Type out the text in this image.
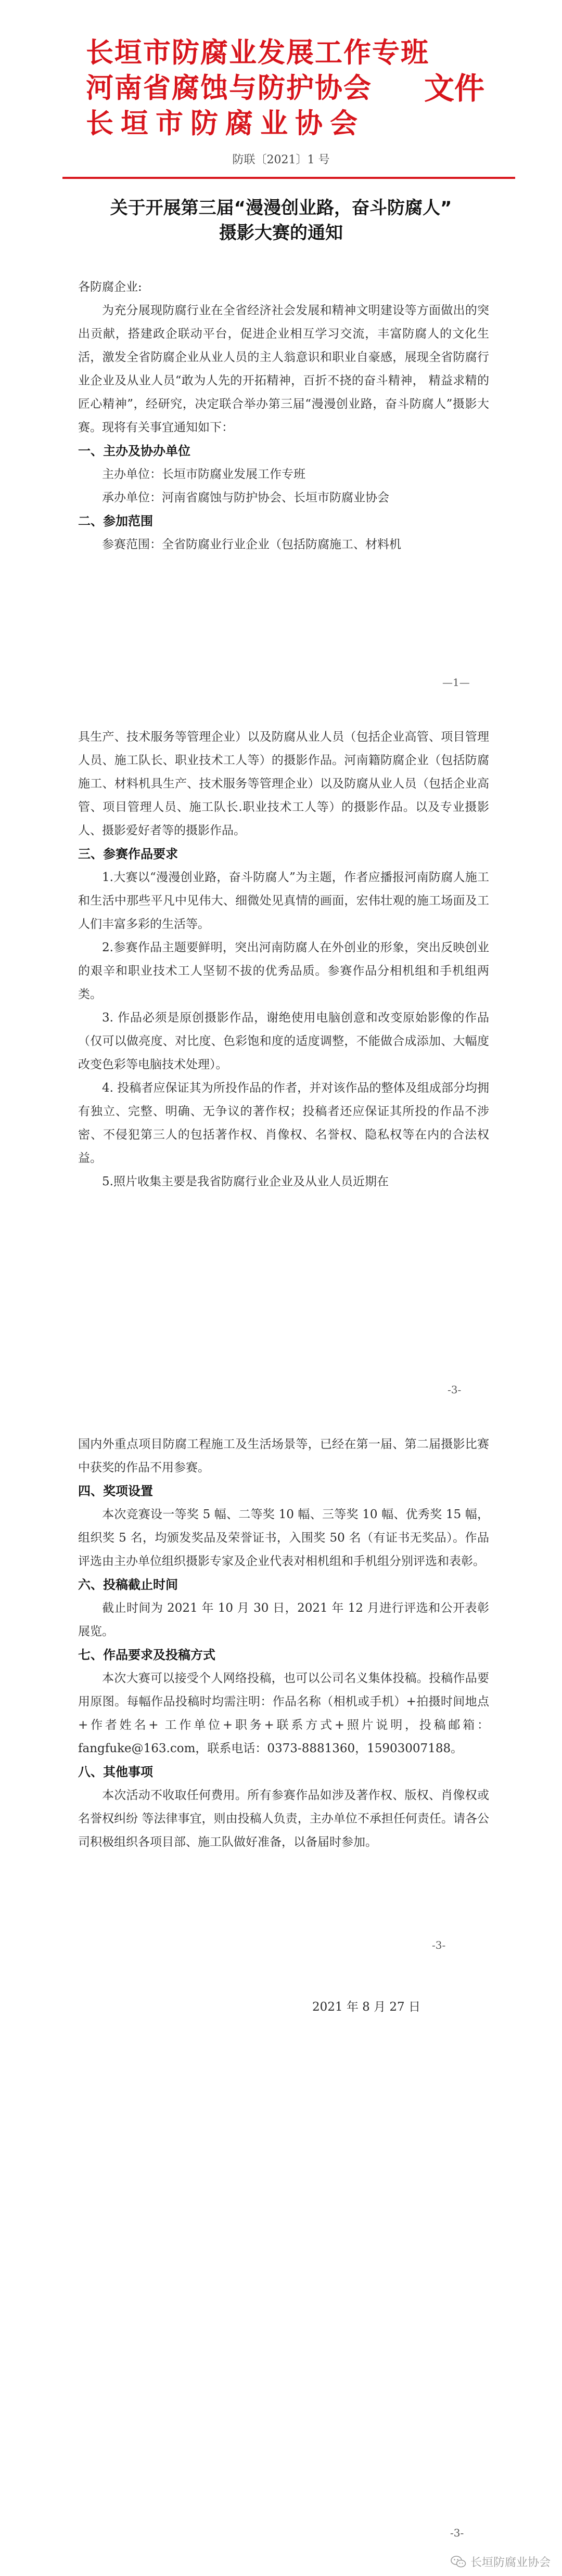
长垣市防腐业发展工作专班
河南省腐蚀与防护协会
长垣市防腐业协会
文件
防联〔2021〕1 号
关于开展第三届“漫漫创业路，奋斗防腐人”
摄影大赛的通知

各防腐企业:

为充分展现防腐行业在全省经济社会发展和精神文明建设等方面做出的突出贡献，搭建政企联动平台，促进企业相互学习交流，丰富防腐人的文化生活，激发全省防腐企业从业人员的主人翁意识和职业自豪感，展现全省防腐行业企业及从业人员“敢为人先的开拓精神，百折不挠的奋斗精神， 精益求精的匠心精神”，经研究，决定联合举办第三届“漫漫创业路，奋斗防腐人”摄影大赛。现将有关事宜通知如下：

一、主办及协办单位

主办单位：长垣市防腐业发展工作专班

承办单位：河南省腐蚀与防护协会、长垣市防腐业协会

二、参加范围

参赛范围：全省防腐业行业企业（包括防腐施工、材料机

—1—

具生产、技术服务等管理企业）以及防腐从业人员（包括企业高管、项目管理人员、施工队长、职业技术工人等）的摄影作品。河南籍防腐企业（包括防腐施工、材料机具生产、技术服务等管理企业）以及防腐从业人员（包括企业高管、项目管理人员、施工队长.职业技术工人等）的摄影作品。以及专业摄影人、摄影爱好者等的摄影作品。

三、参赛作品要求

1.大赛以“漫漫创业路，奋斗防腐人”为主题，作者应播报河南防腐人施工和生活中那些平凡中见伟大、细微处见真情的画面，宏伟壮观的施工场面及工人们丰富多彩的生活等。

2.参赛作品主题要鲜明，突出河南防腐人在外创业的形象，突出反映创业的艰辛和职业技术工人坚韧不拔的优秀品质。参赛作品分相机组和手机组两类。

3. 作品必须是原创摄影作品，谢绝使用电脑创意和改变原始影像的作品（仅可以做亮度、对比度、色彩饱和度的适度调整，不能做合成添加、大幅度改变色彩等电脑技术处理）。

4. 投稿者应保证其为所投作品的作者，并对该作品的整体及组成部分均拥有独立、完整、明确、无争议的著作权；投稿者还应保证其所投的作品不涉密、不侵犯第三人的包括著作权、肖像权、名誉权、隐私权等在内的合法权益。

5.照片收集主要是我省防腐行业企业及从业人员近期在

-3-

国内外重点项目防腐工程施工及生活场景等，已经在第一届、第二届摄影比赛中获奖的作品不用参赛。

四、奖项设置

本次竞赛设一等奖 5 幅、二等奖 10 幅、三等奖 10 幅、优秀奖 15 幅，组织奖 5 名，均颁发奖品及荣誉证书，入围奖 50 名（有证书无奖品）。作品评选由主办单位组织摄影专家及企业代表对相机组和手机组分别评选和表彰。

六、投稿截止时间

截止时间为 2021 年 10 月 30 日，2021 年 12 月进行评选和公开表彰展览。

七、作品要求及投稿方式

本次大赛可以接受个人网络投稿，也可以公司名义集体投稿。投稿作品要用原图。每幅作品投稿时均需注明：作品名称（相机或手机）+拍摄时间地点+作者姓名+ 工作单位+职务+联系方式+照片说明，投稿邮箱：fangfuke@163.com，联系电话：0373-8881360，15903007188。

八、其他事项

本次活动不收取任何费用。所有参赛作品如涉及著作权、版权、肖像权或名誉权纠纷 等法律事宜，则由投稿人负责，主办单位不承担任何责任。请各公司积极组织各项目部、施工队做好准备，以备届时参加。

2021 年 8 月 27 日
-3-
-3-
长垣防腐业协会
